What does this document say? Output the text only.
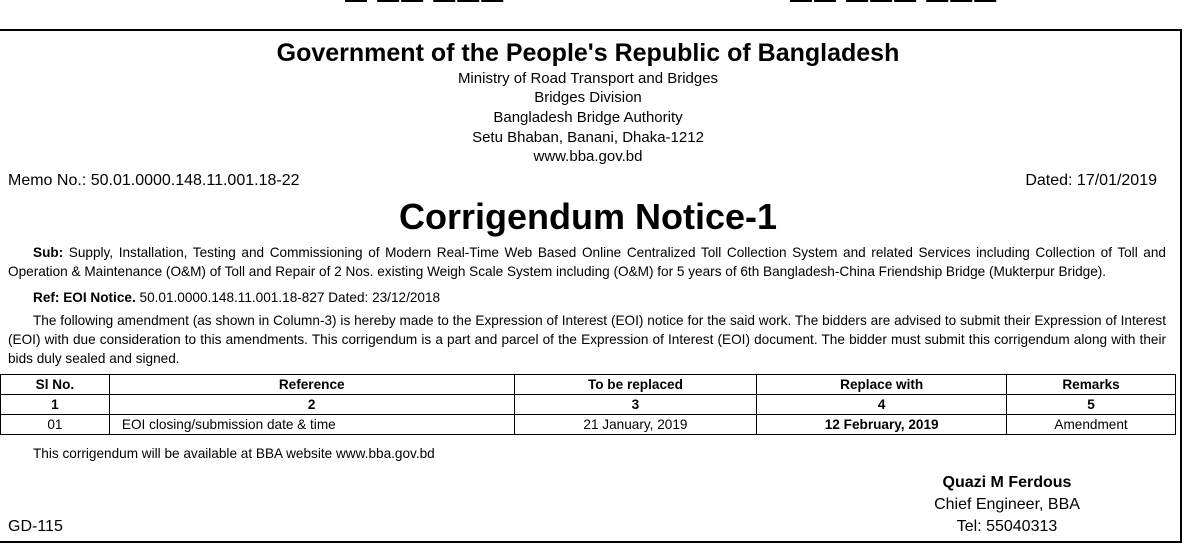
Government of the People's Republic of Bangladesh
Ministry of Road Transport and Bridges
Bridges Division
Bangladesh Bridge Authority
Setu Bhaban, Banani, Dhaka-1212
www.bba.gov.bd
Memo No.: 50.01.0000.148.11.001.18-22	Dated: 17/01/2019
Corrigendum Notice-1
Sub: Supply, Installation, Testing and Commissioning of Modern Real-Time Web Based Online Centralized Toll Collection System and related Services including Collection of Toll and Operation & Maintenance (O&M) of Toll and Repair of 2 Nos. existing Weigh Scale System including (O&M) for 5 years of 6th Bangladesh-China Friendship Bridge (Mukterpur Bridge).
Ref: EOI Notice. 50.01.0000.148.11.001.18-827 Dated: 23/12/2018
The following amendment (as shown in Column-3) is hereby made to the Expression of Interest (EOI) notice for the said work. The bidders are advised to submit their Expression of Interest (EOI) with due consideration to this amendments. This corrigendum is a part and parcel of the Expression of Interest (EOI) document. The bidder must submit this corrigendum along with their bids duly sealed and signed.
Sl No.	Reference	To be replaced	Replace with	Remarks
1	2	3	4	5
01	EOI closing/submission date & time	21 January, 2019	12 February, 2019	Amendment
This corrigendum will be available at BBA website www.bba.gov.bd
Quazi M Ferdous
Chief Engineer, BBA
Tel: 55040313
GD-115
